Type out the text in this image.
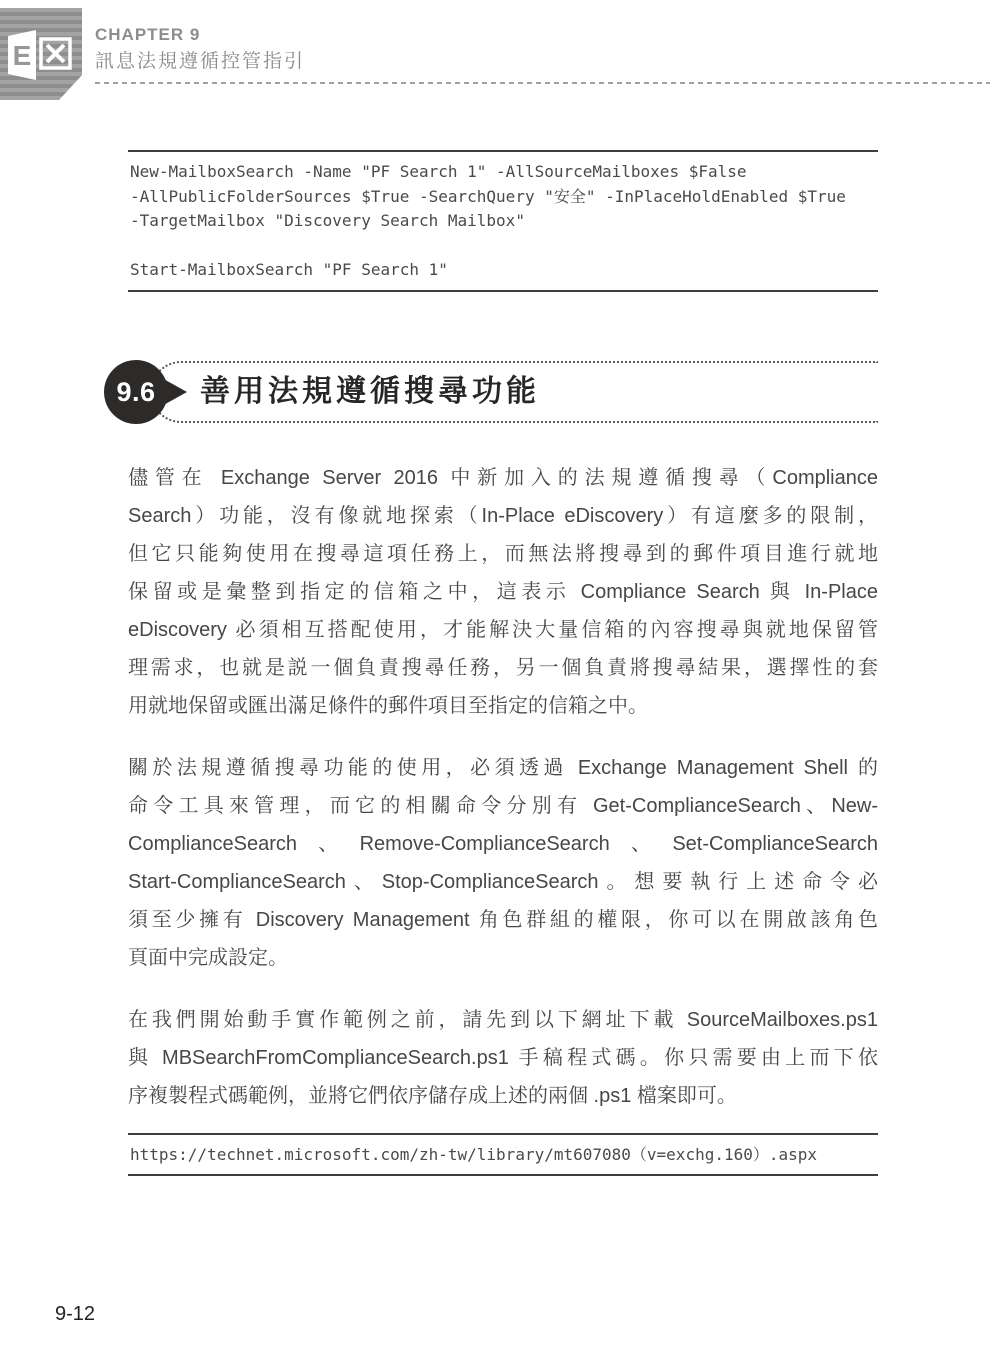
E
CHAPTER 9
訊息法規遵循控管指引
New-MailboxSearch -Name "PF Search 1" -AllSourceMailboxes $False
-AllPublicFolderSources $True -SearchQuery "安全" -InPlaceHoldEnabled $True
-TargetMailbox "Discovery Search Mailbox"

Start-MailboxSearch "PF Search 1"
9.6 善用法規遵循搜尋功能
儘管在 Exchange Server 2016 中新加入的法規遵循搜尋（Compliance
Search）功能，沒有像就地探索（In-Place eDiscovery）有這麼多的限制，
但它只能夠使用在搜尋這項任務上，而無法將搜尋到的郵件項目進行就地
保留或是彙整到指定的信箱之中，這表示 Compliance Search 與 In-Place
eDiscovery 必須相互搭配使用，才能解決大量信箱的內容搜尋與就地保留管
理需求，也就是説一個負責搜尋任務，另一個負責將搜尋結果，選擇性的套
用就地保留或匯出滿足條件的郵件項目至指定的信箱之中。
關於法規遵循搜尋功能的使用，必須透過 Exchange Management Shell 的
命令工具來管理，而它的相關命令分別有 Get-ComplianceSearch、New-
ComplianceSearch、Remove-ComplianceSearch、Set-ComplianceSearch
Start-ComplianceSearch、Stop-ComplianceSearch。想要執行上述命令必
須至少擁有 Discovery Management 角色群組的權限，你可以在開啟該角色
頁面中完成設定。
在我們開始動手實作範例之前，請先到以下網址下載 SourceMailboxes.ps1
與 MBSearchFromComplianceSearch.ps1 手稿程式碼。你只需要由上而下依
序複製程式碼範例，並將它們依序儲存成上述的兩個 .ps1 檔案即可。
https://technet.microsoft.com/zh-tw/library/mt607080（v=exchg.160）.aspx
9-12
